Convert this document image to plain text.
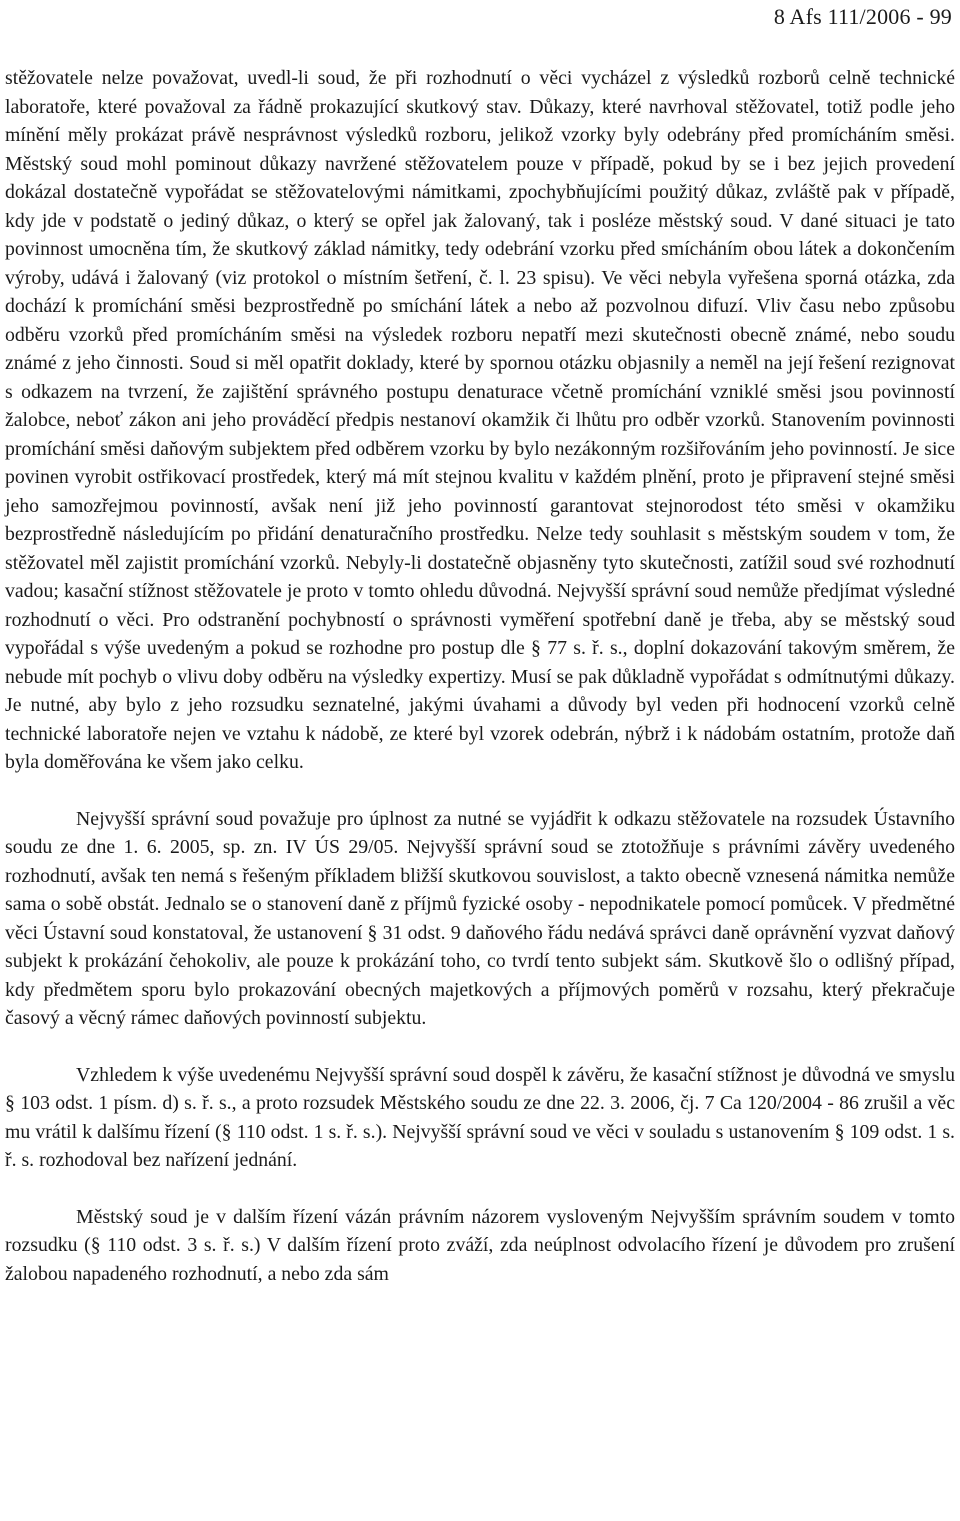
8 Afs 111/2006 - 99

stěžovatele nelze považovat, uvedl-li soud, že při rozhodnutí o věci vycházel z výsledků rozborů celně technické laboratoře, které považoval za řádně prokazující skutkový stav. Důkazy, které navrhoval stěžovatel, totiž podle jeho mínění měly prokázat právě nesprávnost výsledků rozboru, jelikož vzorky byly odebrány před promícháním směsi. Městský soud mohl pominout důkazy navržené stěžovatelem pouze v případě, pokud by se i bez jejich provedení dokázal dostatečně vypořádat se stěžovatelovými námitkami, zpochybňujícími použitý důkaz, zvláště pak v případě, kdy jde v podstatě o jediný důkaz, o který se opřel jak žalovaný, tak i posléze městský soud. V dané situaci je tato povinnost umocněna tím, že skutkový základ námitky, tedy odebrání vzorku před smícháním obou látek a dokončením výroby, udává i žalovaný (viz protokol o místním šetření, č. l. 23 spisu). Ve věci nebyla vyřešena sporná otázka, zda dochází k promíchání směsi bezprostředně po smíchání látek a nebo až pozvolnou difuzí. Vliv času nebo způsobu odběru vzorků před promícháním směsi na výsledek rozboru nepatří mezi skutečnosti obecně známé, nebo soudu známé z jeho činnosti. Soud si měl opatřit doklady, které by spornou otázku objasnily a neměl na její řešení rezignovat s odkazem na tvrzení, že zajištění správného postupu denaturace včetně promíchání vzniklé směsi jsou povinností žalobce, neboť zákon ani jeho prováděcí předpis nestanoví okamžik či lhůtu pro odběr vzorků. Stanovením povinnosti promíchání směsi daňovým subjektem před odběrem vzorku by bylo nezákonným rozšiřováním jeho povinností. Je sice povinen vyrobit ostřikovací prostředek, který má mít stejnou kvalitu v každém plnění, proto je připravení stejné směsi jeho samozřejmou povinností, avšak není již jeho povinností garantovat stejnorodost této směsi v okamžiku bezprostředně následujícím po přidání denaturačního prostředku. Nelze tedy souhlasit s městským soudem v tom, že stěžovatel měl zajistit promíchání vzorků. Nebyly-li dostatečně objasněny tyto skutečnosti, zatížil soud své rozhodnutí vadou; kasační stížnost stěžovatele je proto v tomto ohledu důvodná. Nejvyšší správní soud nemůže předjímat výsledné rozhodnutí o věci. Pro odstranění pochybností o správnosti vyměření spotřební daně je třeba, aby se městský soud vypořádal s výše uvedeným a pokud se rozhodne pro postup dle § 77 s. ř. s., doplní dokazování takovým směrem, že nebude mít pochyb o vlivu doby odběru na výsledky expertizy. Musí se pak důkladně vypořádat s odmítnutými důkazy. Je nutné, aby bylo z jeho rozsudku seznatelné, jakými úvahami a důvody byl veden při hodnocení vzorků celně technické laboratoře nejen ve vztahu k nádobě, ze které byl vzorek odebrán, nýbrž i k nádobám ostatním, protože daň byla doměřována ke všem jako celku.

Nejvyšší správní soud považuje pro úplnost za nutné se vyjádřit k odkazu stěžovatele na rozsudek Ústavního soudu ze dne 1. 6. 2005, sp. zn. IV ÚS 29/05. Nejvyšší správní soud se ztotožňuje s právními závěry uvedeného rozhodnutí, avšak ten nemá s řešeným příkladem bližší skutkovou souvislost, a takto obecně vznesená námitka nemůže sama o sobě obstát. Jednalo se o stanovení daně z příjmů fyzické osoby - nepodnikatele pomocí pomůcek. V předmětné věci Ústavní soud konstatoval, že ustanovení § 31 odst. 9 daňového řádu nedává správci daně oprávnění vyzvat daňový subjekt k prokázání čehokoliv, ale pouze k prokázání toho, co tvrdí tento subjekt sám. Skutkově šlo o odlišný případ, kdy předmětem sporu bylo prokazování obecných majetkových a příjmových poměrů v rozsahu, který překračuje časový a věcný rámec daňových povinností subjektu.

Vzhledem k výše uvedenému Nejvyšší správní soud dospěl k závěru, že kasační stížnost je důvodná ve smyslu § 103 odst. 1 písm. d) s. ř. s., a proto rozsudek Městského soudu ze dne 22. 3. 2006, čj. 7 Ca 120/2004 - 86 zrušil a věc mu vrátil k dalšímu řízení (§ 110 odst. 1 s. ř. s.). Nejvyšší správní soud ve věci v souladu s ustanovením § 109 odst. 1 s. ř. s. rozhodoval bez nařízení jednání.

Městský soud je v dalším řízení vázán právním názorem vysloveným Nejvyšším správním soudem v tomto rozsudku (§ 110 odst. 3 s. ř. s.) V dalším řízení proto zváží, zda neúplnost odvolacího řízení je důvodem pro zrušení žalobou napadeného rozhodnutí, a nebo zda sám
